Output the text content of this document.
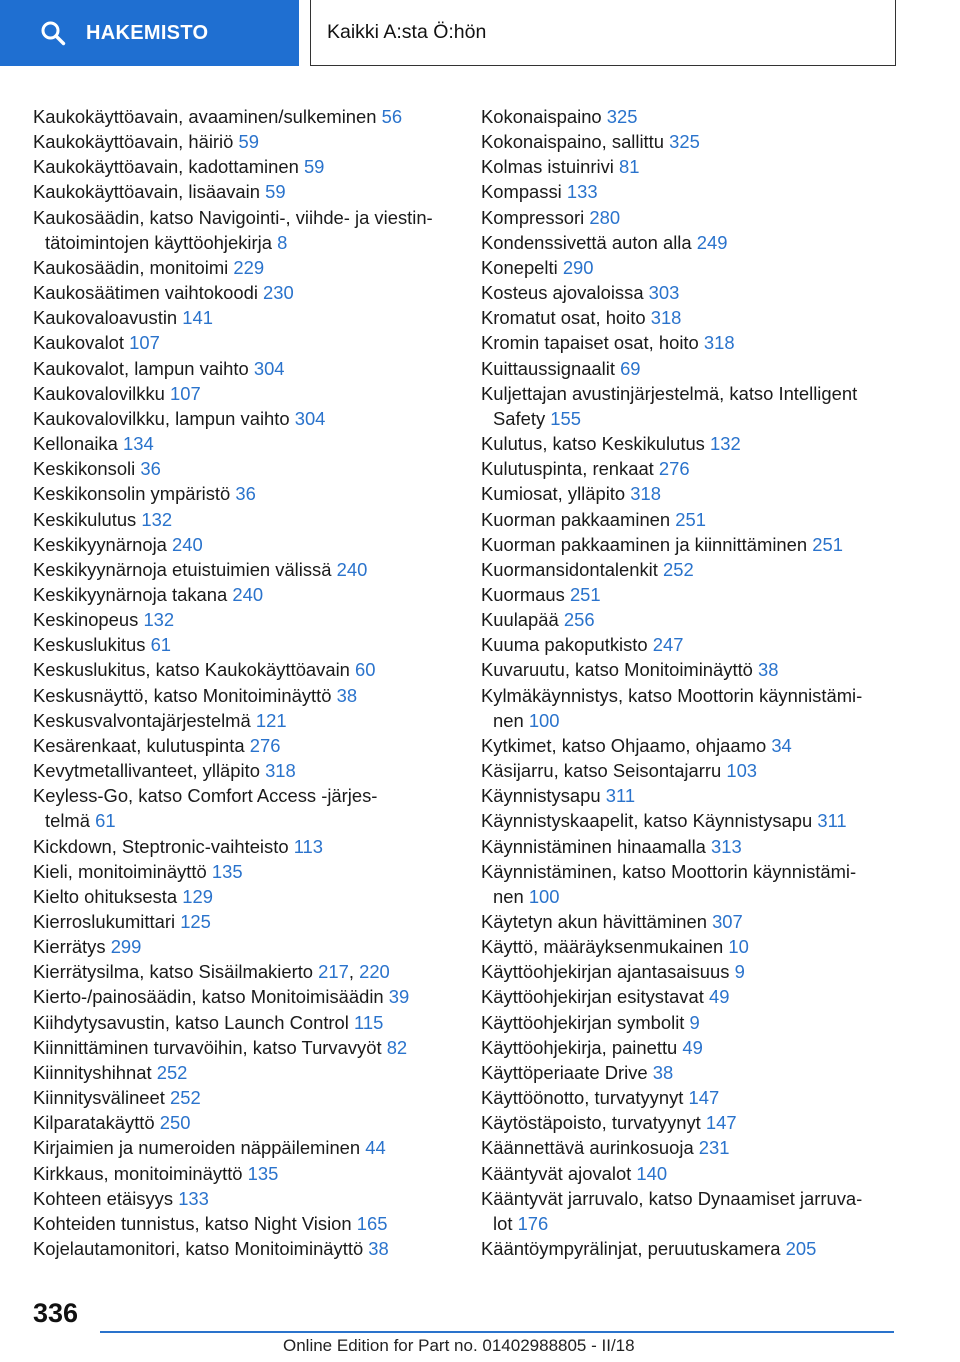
HAKEMISTO	Kaikki A:sta Ö:hön
Kaukokäyttöavain, avaaminen/sulkeminen 56
Kaukokäyttöavain, häiriö 59
Kaukokäyttöavain, kadottaminen 59
Kaukokäyttöavain, lisäavain 59
Kaukosäädin, katso Navigointi-, viihde- ja viestin-
tätoimintojen käyttöohjekirja 8
Kaukosäädin, monitoimi 229
Kaukosäätimen vaihtokoodi 230
Kaukovaloavustin 141
Kaukovalot 107
Kaukovalot, lampun vaihto 304
Kaukovalovilkku 107
Kaukovalovilkku, lampun vaihto 304
Kellonaika 134
Keskikonsoli 36
Keskikonsolin ympäristö 36
Keskikulutus 132
Keskikyynärnoja 240
Keskikyynärnoja etuistuimien välissä 240
Keskikyynärnoja takana 240
Keskinopeus 132
Keskuslukitus 61
Keskuslukitus, katso Kaukokäyttöavain 60
Keskusnäyttö, katso Monitoiminäyttö 38
Keskusvalvontajärjestelmä 121
Kesärenkaat, kulutuspinta 276
Kevytmetallivanteet, ylläpito 318
Keyless-Go, katso Comfort Access -järjes-
telmä 61
Kickdown, Steptronic-vaihteisto 113
Kieli, monitoiminäyttö 135
Kielto ohituksesta 129
Kierroslukumittari 125
Kierrätys 299
Kierrätysilma, katso Sisäilmakierto 217, 220
Kierto-/painosäädin, katso Monitoimisäädin 39
Kiihdytysavustin, katso Launch Control 115
Kiinnittäminen turvavöihin, katso Turvavyöt 82
Kiinnityshihnat 252
Kiinnitysvälineet 252
Kilparatakäyttö 250
Kirjaimien ja numeroiden näppäileminen 44
Kirkkaus, monitoiminäyttö 135
Kohteen etäisyys 133
Kohteiden tunnistus, katso Night Vision 165
Kojelautamonitori, katso Monitoiminäyttö 38
Kokonaispaino 325
Kokonaispaino, sallittu 325
Kolmas istuinrivi 81
Kompassi 133
Kompressori 280
Kondenssivettä auton alla 249
Konepelti 290
Kosteus ajovaloissa 303
Kromatut osat, hoito 318
Kromin tapaiset osat, hoito 318
Kuittaussignaalit 69
Kuljettajan avustinjärjestelmä, katso Intelligent
Safety 155
Kulutus, katso Keskikulutus 132
Kulutuspinta, renkaat 276
Kumiosat, ylläpito 318
Kuorman pakkaaminen 251
Kuorman pakkaaminen ja kiinnittäminen 251
Kuormansidontalenkit 252
Kuormaus 251
Kuulapää 256
Kuuma pakoputkisto 247
Kuvaruutu, katso Monitoiminäyttö 38
Kylmäkäynnistys, katso Moottorin käynnistämi-
nen 100
Kytkimet, katso Ohjaamo, ohjaamo 34
Käsijarru, katso Seisontajarru 103
Käynnistysapu 311
Käynnistyskaapelit, katso Käynnistysapu 311
Käynnistäminen hinaamalla 313
Käynnistäminen, katso Moottorin käynnistämi-
nen 100
Käytetyn akun hävittäminen 307
Käyttö, määräyksenmukainen 10
Käyttöohjekirjan ajantasaisuus 9
Käyttöohjekirjan esitystavat 49
Käyttöohjekirjan symbolit 9
Käyttöohjekirja, painettu 49
Käyttöperiaate Drive 38
Käyttöönotto, turvatyynyt 147
Käytöstäpoisto, turvatyynyt 147
Käännettävä aurinkosuoja 231
Kääntyvät ajovalot 140
Kääntyvät jarruvalo, katso Dynaamiset jarruva-
lot 176
Kääntöympyrälinjat, peruutuskamera 205
336
Online Edition for Part no. 01402988805 - II/18
